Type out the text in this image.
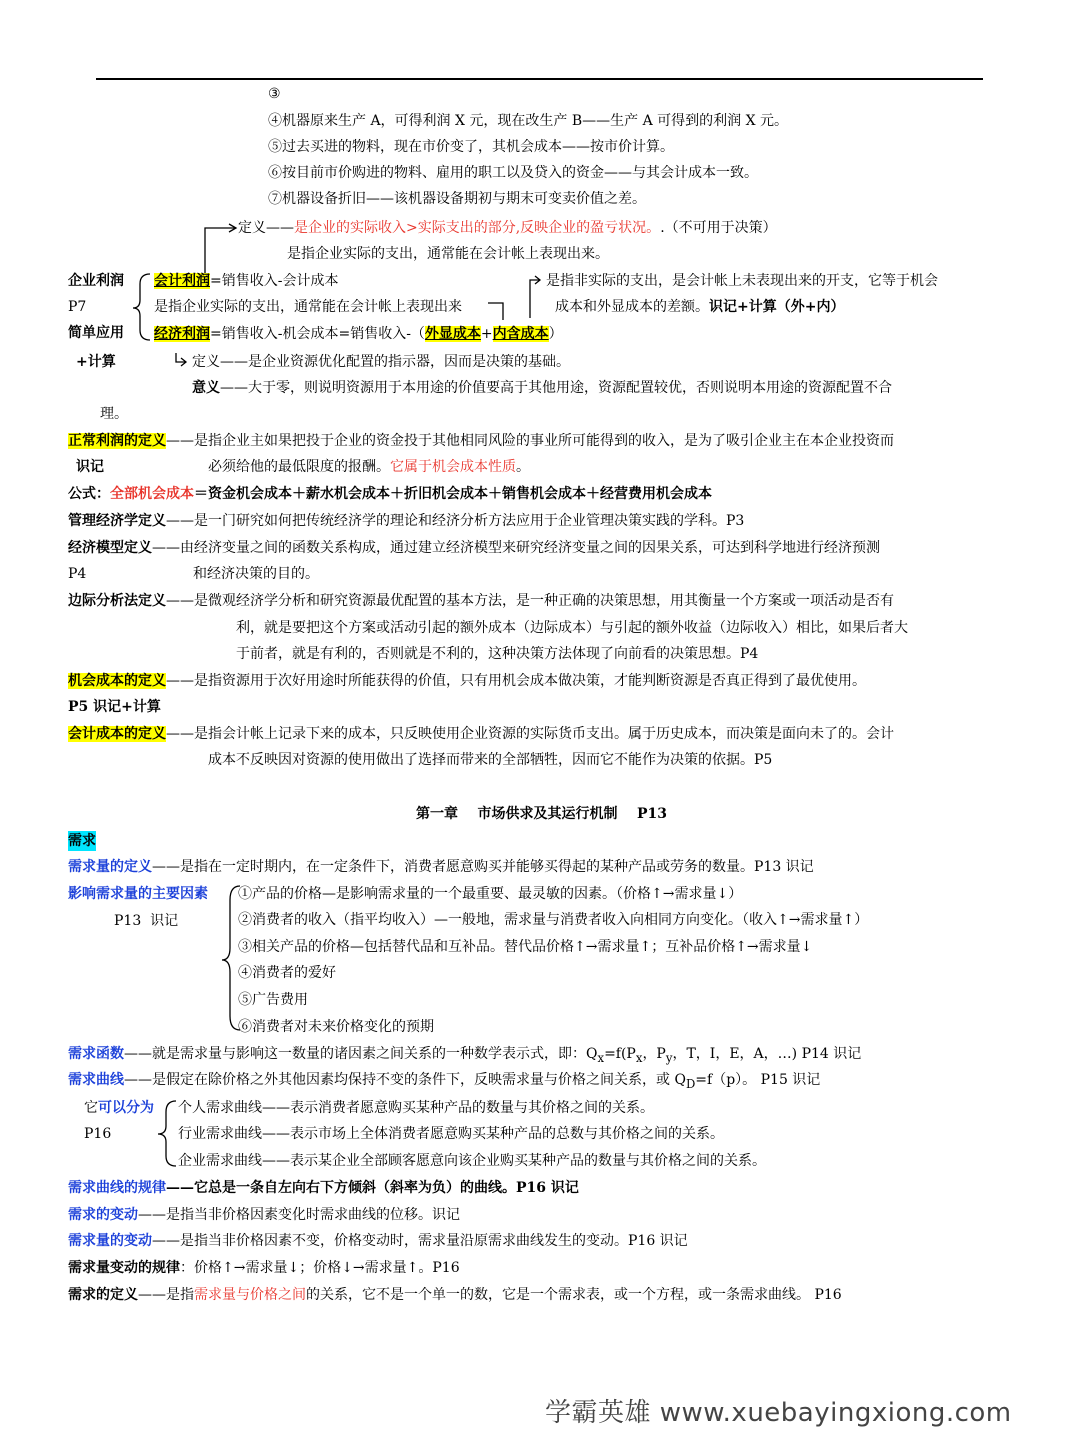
③
④机器原来生产 A，可得利润 X 元，现在改生产 B——生产 A 可得到的利润 X 元。
⑤过去买进的物料，现在市价变了，其机会成本——按市价计算。
⑥按目前市价购进的物料、雇用的职工以及贷入的资金——与其会计成本一致。
⑦机器设备折旧——该机器设备期初与期末可变卖价值之差。
定义——是企业的实际收入>实际支出的部分,反映企业的盈亏状况。.（不可用于决策）
是指企业实际的支出，通常能在会计帐上表现出来。
企业利润
P7
简单应用
+计算
会计利润=销售收入-会计成本
是指企业实际的支出，通常能在会计帐上表现出来
是指非实际的支出，是会计帐上未表现出来的开支，它等于机会
成本和外显成本的差额。识记+计算（外+内）
经济利润=销售收入-机会成本=销售收入-（外显成本+内含成本）
定义——是企业资源优化配置的指示器，因而是决策的基础。
意义——大于零，则说明资源用于本用途的价值要高于其他用途，资源配置较优，否则说明本用途的资源配置不合
理。
正常利润的定义——是指企业主如果把投于企业的资金投于其他相同风险的事业所可能得到的收入，是为了吸引企业主在本企业投资而
识记	必须给他的最低限度的报酬。它属于机会成本性质。
公式：全部机会成本＝资金机会成本＋薪水机会成本＋折旧机会成本＋销售机会成本＋经营费用机会成本
管理经济学定义——是一门研究如何把传统经济学的理论和经济分析方法应用于企业管理决策实践的学科。P3
经济模型定义——由经济变量之间的函数关系构成，通过建立经济模型来研究经济变量之间的因果关系，可达到科学地进行经济预测
P4	和经济决策的目的。
边际分析法定义——是微观经济学分析和研究资源最优配置的基本方法，是一种正确的决策思想，用其衡量一个方案或一项活动是否有
利，就是要把这个方案或活动引起的额外成本（边际成本）与引起的额外收益（边际收入）相比，如果后者大
于前者，就是有利的，否则就是不利的，这种决策方法体现了向前看的决策思想。P4
机会成本的定义——是指资源用于次好用途时所能获得的价值，只有用机会成本做决策，才能判断资源是否真正得到了最优使用。
P5 识记+计算
会计成本的定义——是指会计帐上记录下来的成本，只反映使用企业资源的实际货币支出。属于历史成本，而决策是面向未了的。会计
成本不反映因对资源的使用做出了选择而带来的全部牺牲，因而它不能作为决策的依据。P5
第一章    市场供求及其运行机制    P13
需求
需求量的定义——是指在一定时期内，在一定条件下，消费者愿意购买并能够买得起的某种产品或劳务的数量。P13 识记
影响需求量的主要因素
P13  识记
①产品的价格—是影响需求量的一个最重要、最灵敏的因素。（价格↑→需求量↓）
②消费者的收入（指平均收入）—一般地，需求量与消费者收入向相同方向变化。（收入↑→需求量↑）
③相关产品的价格—包括替代品和互补品。替代品价格↑→需求量↑；互补品价格↑→需求量↓
④消费者的爱好
⑤广告费用
⑥消费者对未来价格变化的预期
需求函数——就是需求量与影响这一数量的诸因素之间关系的一种数学表示式，即：$Q_x=f(P_x$，$P_y$，T，I，E，A，…) P14 识记
需求曲线——是假定在除价格之外其他因素均保持不变的条件下，反映需求量与价格之间关系，或 $Q_D=f(p)$。 P15 识记
它可以分为
P16
个人需求曲线——表示消费者愿意购买某种产品的数量与其价格之间的关系。
行业需求曲线——表示市场上全体消费者愿意购买某种产品的总数与其价格之间的关系。
企业需求曲线——表示某企业全部顾客愿意向该企业购买某种产品的数量与其价格之间的关系。
需求曲线的规律——它总是一条自左向右下方倾斜（斜率为负）的曲线。P16 识记
需求的变动——是指当非价格因素变化时需求曲线的位移。识记
需求量的变动——是指当非价格因素不变，价格变动时，需求量沿原需求曲线发生的变动。P16 识记
需求量变动的规律：价格↑→需求量↓；价格↓→需求量↑。P16
需求的定义——是指需求量与价格之间的关系，它不是一个单一的数，它是一个需求表，或一个方程，或一条需求曲线。 P16
学霸英雄 www.xuebayingxiong.com
